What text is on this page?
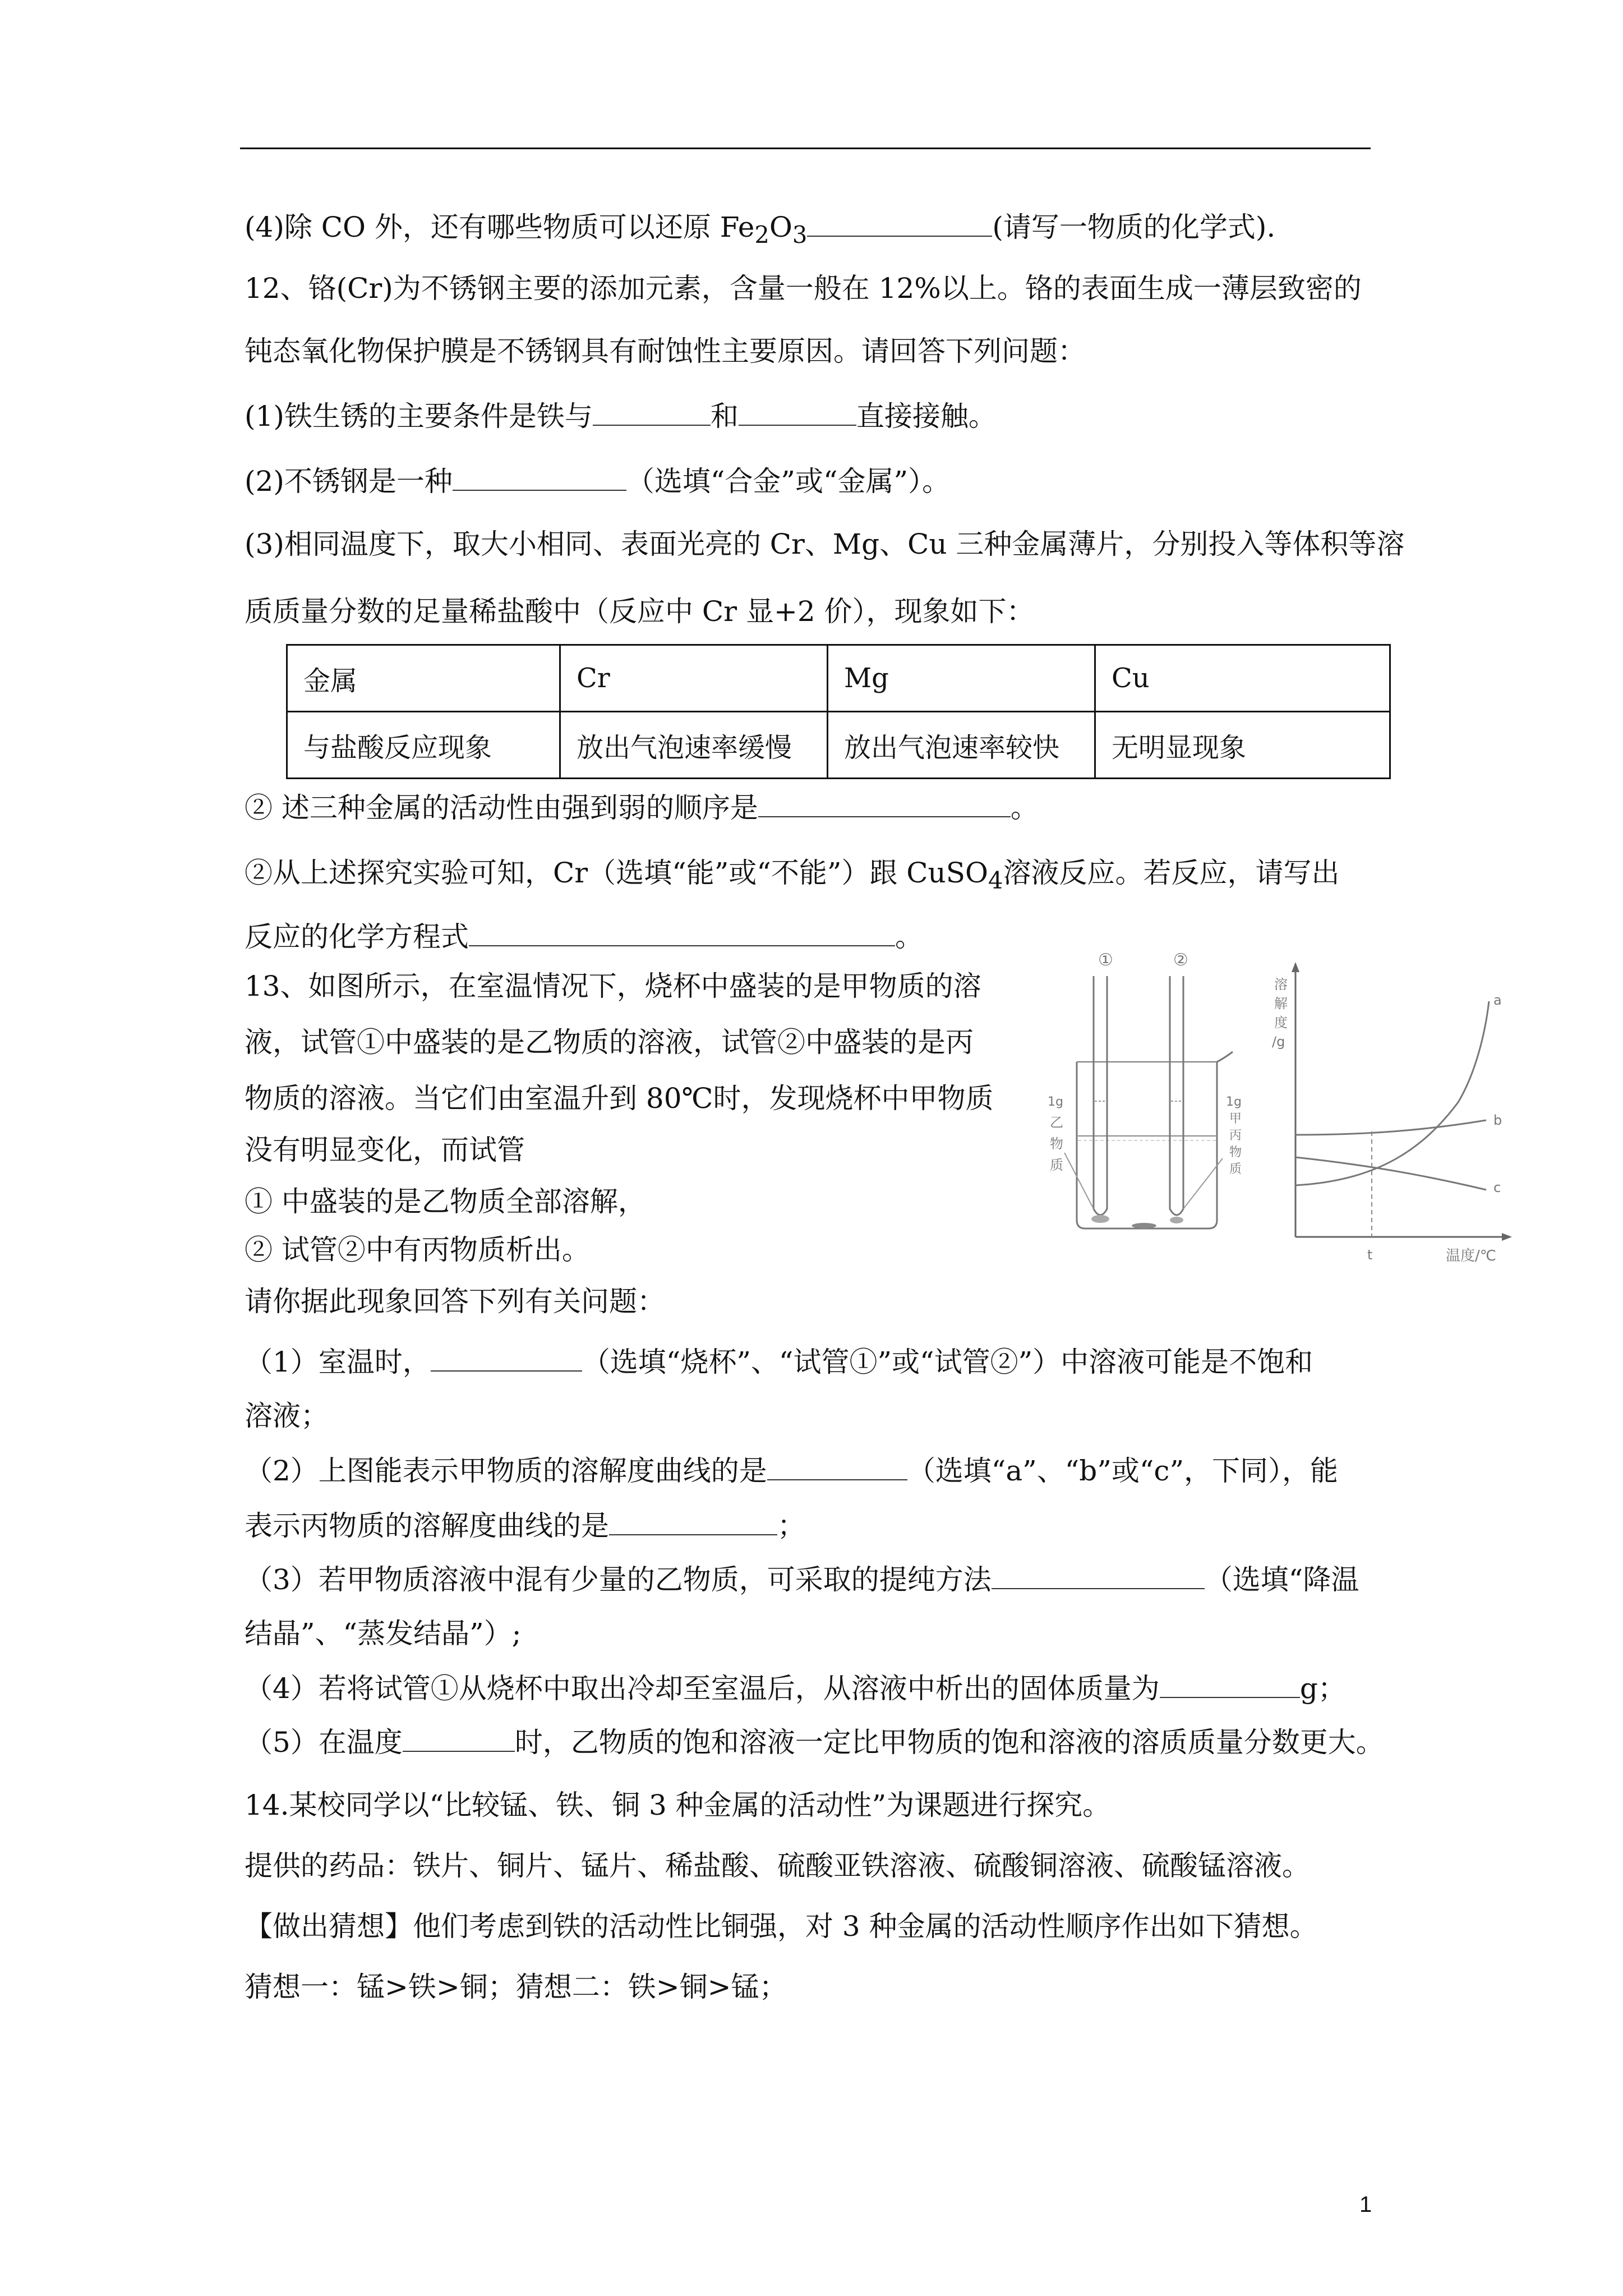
(4)除 CO 外，还有哪些物质可以还原 $Fe_2O_3$	(请写一物质的化学式).
12、铬(Cr)为不锈钢主要的添加元素，含量一般在 12%以上。铬的表面生成一薄层致密的
钝态氧化物保护膜是不锈钢具有耐蚀性主要原因。请回答下列问题：
(1)铁生锈的主要条件是铁与	和	直接接触。
(2)不锈钢是一种	（选填“合金”或“金属”）。
(3)相同温度下，取大小相同、表面光亮的 Cr、Mg、Cu 三种金属薄片，分别投入等体积等溶
质质量分数的足量稀盐酸中（反应中 Cr 显+2 价），现象如下：
金属	Cr	Mg	Cu
与盐酸反应现象	放出气泡速率缓慢	放出气泡速率较快	无明显现象
② 述三种金属的活动性由强到弱的顺序是	。
②从上述探究实验可知，Cr（选填“能”或“不能”）跟 CuSO$_4$溶液反应。若反应，请写出
反应的化学方程式	。
13、如图所示，在室温情况下，烧杯中盛装的是甲物质的溶
液，试管①中盛装的是乙物质的溶液，试管②中盛装的是丙
物质的溶液。当它们由室温升到 80℃时，发现烧杯中甲物质
没有明显变化，而试管
① 中盛装的是乙物质全部溶解，
② 试管②中有丙物质析出。
请你据此现象回答下列有关问题：
①	②
1g
乙
物
质
1g
甲
丙
物
质
溶
解
度
/g
a
b
c
t	温度/℃
（1）室温时，	（选填“烧杯”、“试管①”或“试管②”）中溶液可能是不饱和
溶液；
（2）上图能表示甲物质的溶解度曲线的是	（选填“a”、“b”或“c”，下同），能
表示丙物质的溶解度曲线的是	；
（3）若甲物质溶液中混有少量的乙物质，可采取的提纯方法	（选填“降温
结晶”、“蒸发结晶”）;
（4）若将试管①从烧杯中取出冷却至室温后，从溶液中析出的固体质量为	g；
（5）在温度	时，乙物质的饱和溶液一定比甲物质的饱和溶液的溶质质量分数更大。
14.某校同学以“比较锰、铁、铜 3 种金属的活动性”为课题进行探究。
提供的药品：铁片、铜片、锰片、稀盐酸、硫酸亚铁溶液、硫酸铜溶液、硫酸锰溶液。
【做出猜想】他们考虑到铁的活动性比铜强，对 3 种金属的活动性顺序作出如下猜想。
猜想一：锰>铁>铜；猜想二：铁>铜>锰；
1
